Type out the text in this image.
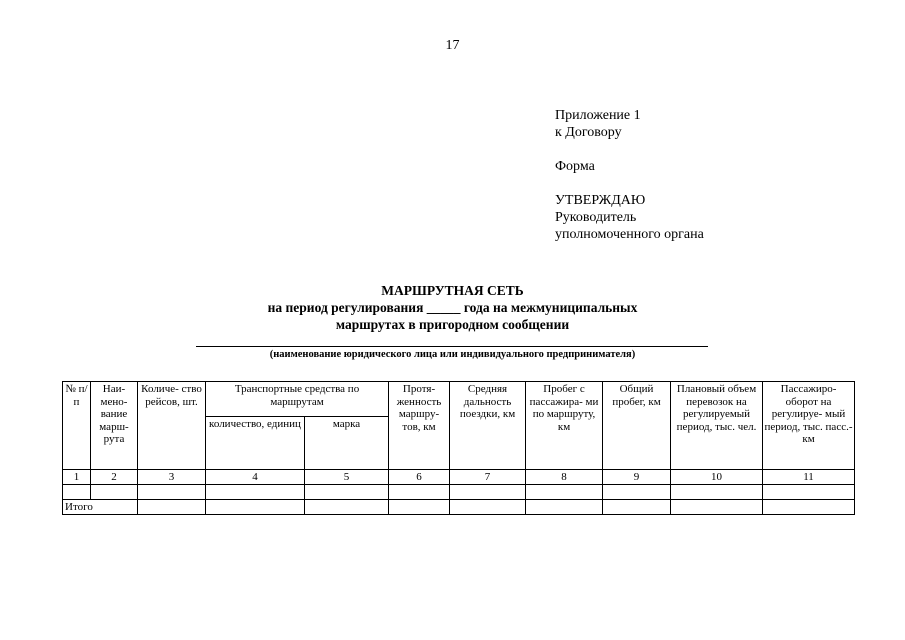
17
Приложение 1
к Договору
Форма
УТВЕРЖДАЮ
Руководитель
уполномоченного органа
МАРШРУТНАЯ СЕТЬ
на период регулирования _____ года на межмуниципальных
маршрутах в пригородном сообщении
(наименование юридического лица или индивидуального предпринимателя)
№ п/п	Наи- мено- вание марш- рута	Количе- ство рейсов, шт.	Транспортные средства по маршрутам		Протя- женность маршру- тов, км	Средняя дальность поездки, км	Пробег с пассажира- ми по маршруту, км	Общий пробег, км	Плановый объем перевозок на регулируемый период, тыс. чел.	Пассажиро- оборот на регулируе- мый период, тыс. пасс.-км
			количество, единиц	марка						
1	2	3	4	5	6	7	8	9	10	11

Итого										
